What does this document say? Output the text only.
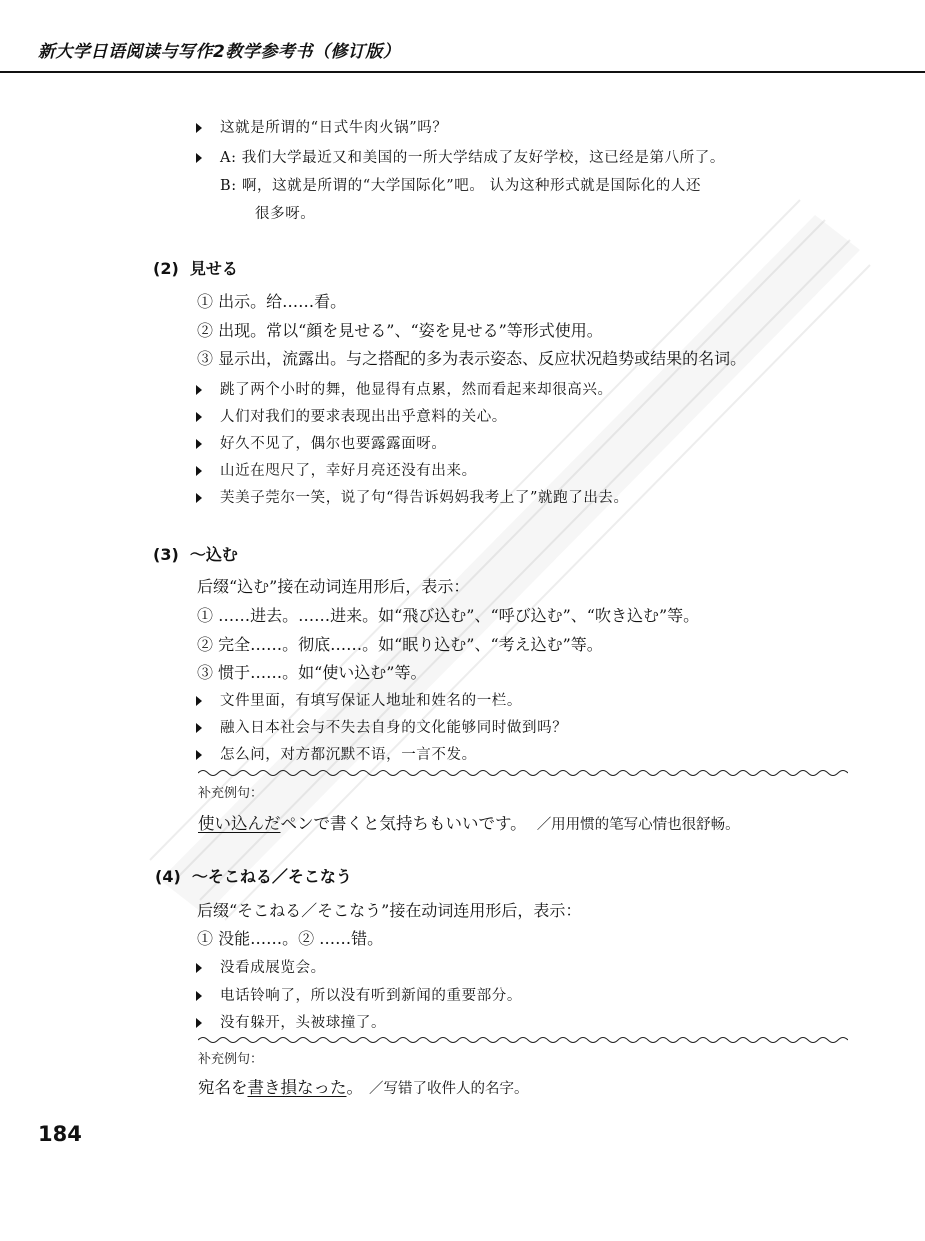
新大学日语阅读与写作2教学参考书（修订版）
这就是所谓的“日式牛肉火锅”吗？
A: 我们大学最近又和美国的一所大学结成了友好学校，这已经是第八所了。
B: 啊，这就是所谓的“大学国际化”吧。 认为这种形式就是国际化的人还
很多呀。
(2) 見せる
① 出示。给……看。
② 出现。常以“顔を見せる”、“姿を見せる”等形式使用。
③ 显示出，流露出。与之搭配的多为表示姿态、反应状况趋势或结果的名词。
跳了两个小时的舞，他显得有点累，然而看起来却很高兴。
人们对我们的要求表现出出乎意料的关心。
好久不见了，偶尔也要露露面呀。
山近在咫尺了，幸好月亮还没有出来。
芙美子莞尔一笑，说了句“得告诉妈妈我考上了”就跑了出去。
(3) ～込む
后缀“込む”接在动词连用形后，表示：
① ……进去。……进来。如“飛び込む”、“呼び込む”、“吹き込む”等。
② 完全……。彻底……。如“眠り込む”、“考え込む”等。
③ 惯于……。如“使い込む”等。
文件里面，有填写保证人地址和姓名的一栏。
融入日本社会与不失去自身的文化能够同时做到吗？
怎么问，对方都沉默不语，一言不发。
补充例句：
使い込んだペンで書くと気持ちもいいです。 ／用用惯的笔写心情也很舒畅。
(4) ～そこねる／そこなう
后缀“そこねる／そこなう”接在动词连用形后，表示：
① 没能……。② ……错。
没看成展览会。
电话铃响了，所以没有听到新闻的重要部分。
没有躲开，头被球撞了。
补充例句：
宛名を書き損なった。 ／写错了收件人的名字。
184
